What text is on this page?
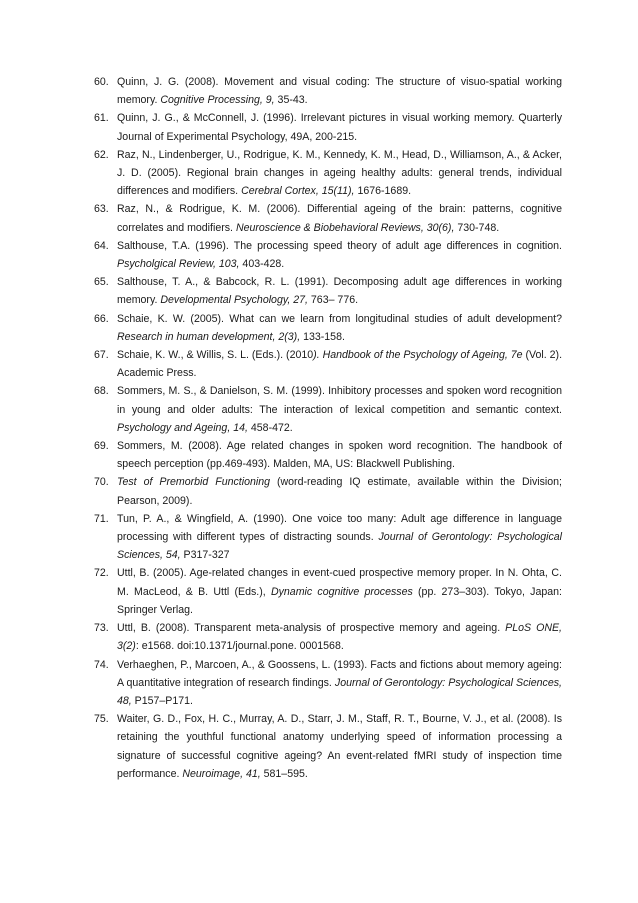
60. Quinn, J. G. (2008). Movement and visual coding: The structure of visuo-spatial working memory. Cognitive Processing, 9, 35-43.
61. Quinn, J. G., & McConnell, J. (1996). Irrelevant pictures in visual working memory. Quarterly Journal of Experimental Psychology, 49A, 200-215.
62. Raz, N., Lindenberger, U., Rodrigue, K. M., Kennedy, K. M., Head, D., Williamson, A., & Acker, J. D. (2005). Regional brain changes in ageing healthy adults: general trends, individual differences and modifiers. Cerebral Cortex, 15(11), 1676-1689.
63. Raz, N., & Rodrigue, K. M. (2006). Differential ageing of the brain: patterns, cognitive correlates and modifiers. Neuroscience & Biobehavioral Reviews, 30(6), 730-748.
64. Salthouse, T.A. (1996). The processing speed theory of adult age differences in cognition. Psycholgical Review, 103, 403-428.
65. Salthouse, T. A., & Babcock, R. L. (1991). Decomposing adult age differences in working memory. Developmental Psychology, 27, 763– 776.
66. Schaie, K. W. (2005). What can we learn from longitudinal studies of adult development? Research in human development, 2(3), 133-158.
67. Schaie, K. W., & Willis, S. L. (Eds.). (2010). Handbook of the Psychology of Ageing, 7e (Vol. 2). Academic Press.
68. Sommers, M. S., & Danielson, S. M. (1999). Inhibitory processes and spoken word recognition in young and older adults: The interaction of lexical competition and semantic context. Psychology and Ageing, 14, 458-472.
69. Sommers, M. (2008). Age related changes in spoken word recognition. The handbook of speech perception (pp.469-493). Malden, MA, US: Blackwell Publishing.
70. Test of Premorbid Functioning (word-reading IQ estimate, available within the Division; Pearson, 2009).
71. Tun, P. A., & Wingfield, A. (1990). One voice too many: Adult age difference in language processing with different types of distracting sounds. Journal of Gerontology: Psychological Sciences, 54, P317-327
72. Uttl, B. (2005). Age-related changes in event-cued prospective memory proper. In N. Ohta, C. M. MacLeod, & B. Uttl (Eds.), Dynamic cognitive processes (pp. 273–303). Tokyo, Japan: Springer Verlag.
73. Uttl, B. (2008). Transparent meta-analysis of prospective memory and ageing. PLoS ONE, 3(2): e1568. doi:10.1371/journal.pone. 0001568.
74. Verhaeghen, P., Marcoen, A., & Goossens, L. (1993). Facts and fictions about memory ageing: A quantitative integration of research findings. Journal of Gerontology: Psychological Sciences, 48, P157–P171.
75. Waiter, G. D., Fox, H. C., Murray, A. D., Starr, J. M., Staff, R. T., Bourne, V. J., et al. (2008). Is retaining the youthful functional anatomy underlying speed of information processing a signature of successful cognitive ageing? An event-related fMRI study of inspection time performance. Neuroimage, 41, 581–595.
